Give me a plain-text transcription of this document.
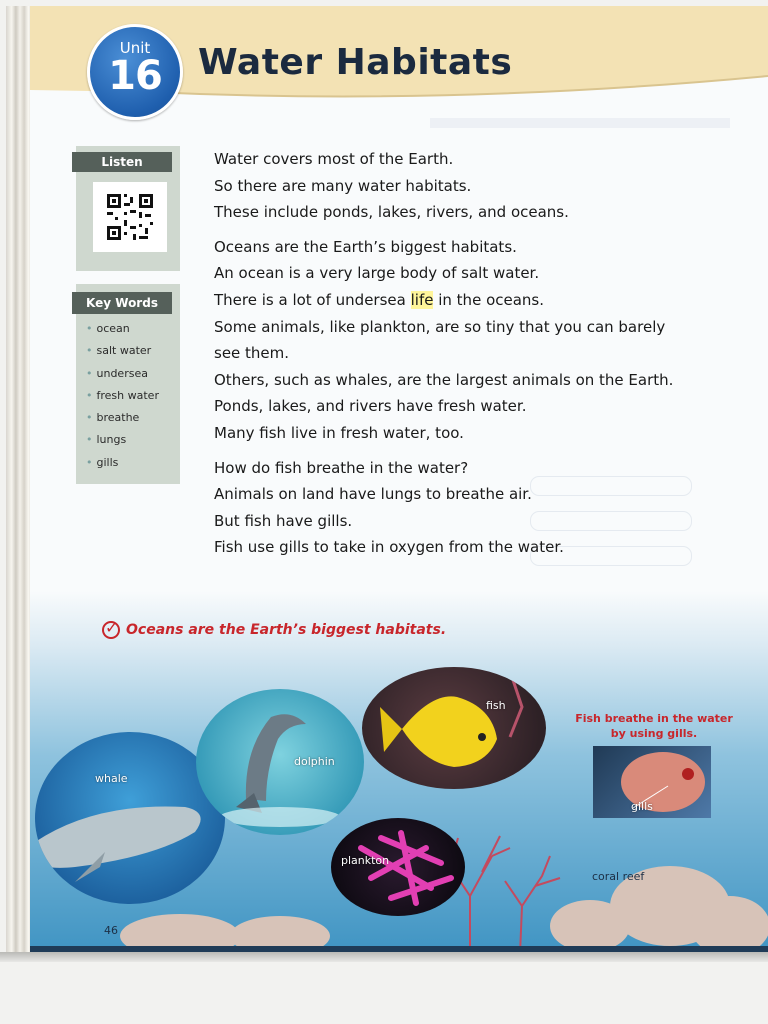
Unit
16	Water Habitats
Listen
Key Words
• ocean
• salt water
• undersea
• fresh water
• breathe
• lungs
• gills

Water covers most of the Earth.

So there are many water habitats.

These include ponds, lakes, rivers, and oceans.

Oceans are the Earth’s biggest habitats.

An ocean is a very large body of salt water.

There is a lot of undersea life in the oceans.

Some animals, like plankton, are so tiny that you can barely

see them.

Others, such as whales, are the largest animals on the Earth.

Ponds, lakes, and rivers have fresh water.

Many fish live in fresh water, too.

How do fish breathe in the water?

Animals on land have lungs to breathe air.

But fish have gills.

Fish use gills to take in oxygen from the water.

whale
dolphin
fish
plankton
Fish breathe in the water
by using gills.
gills
coral reef
46
✓Oceans are the Earth’s biggest habitats.
